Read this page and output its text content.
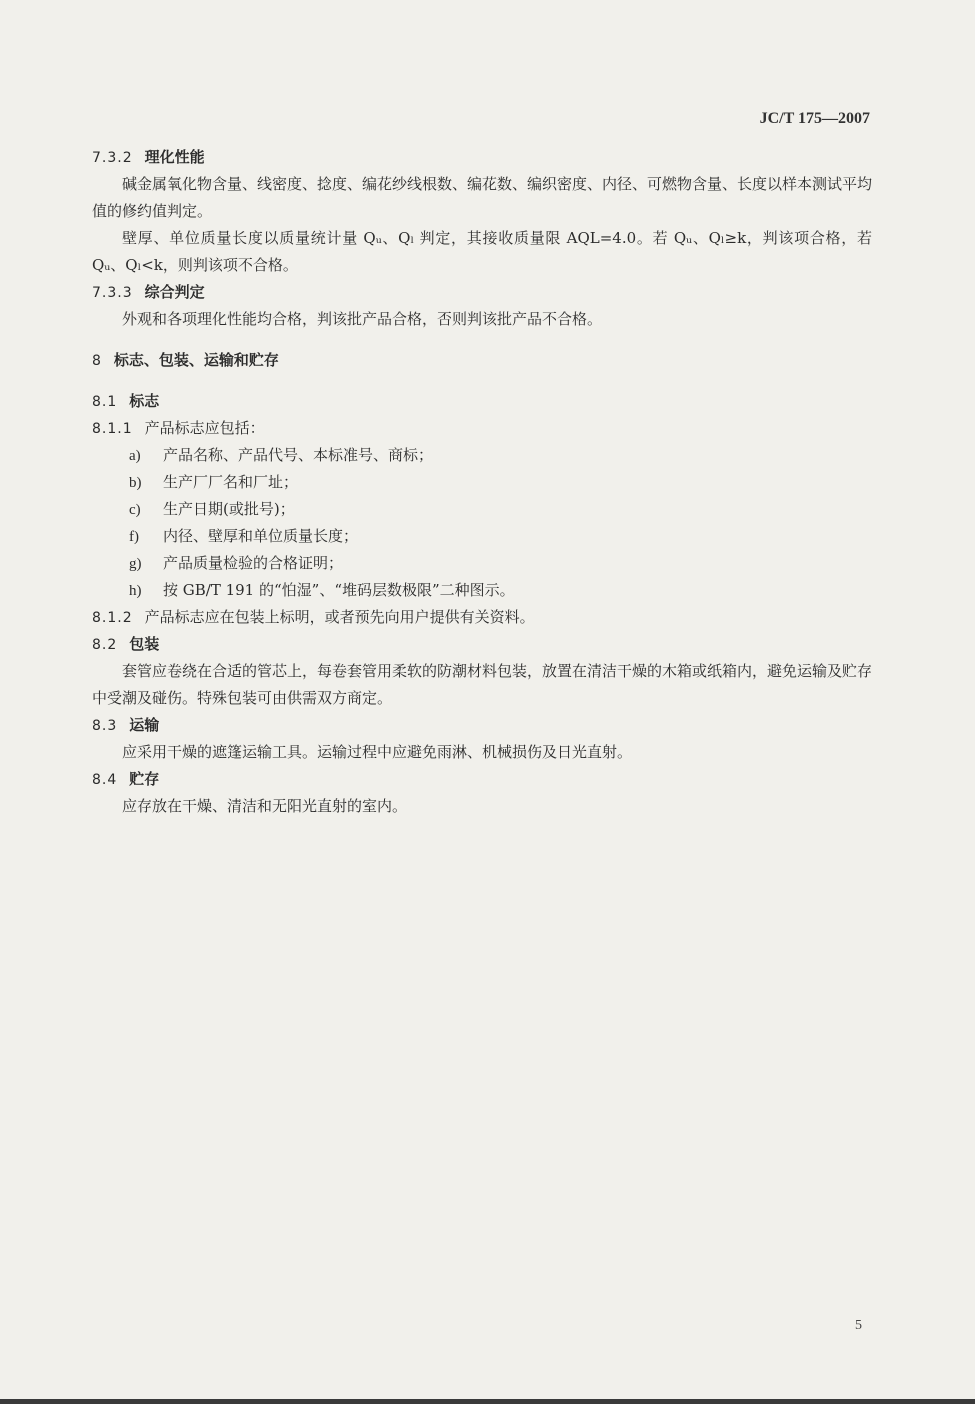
JC/T 175—2007
7.3.2 理化性能
碱金属氧化物含量、线密度、捻度、编花纱线根数、编花数、编织密度、内径、可燃物含量、长度以样本测试平均值的修约值判定。
壁厚、单位质量长度以质量统计量 Qᵤ、Qₗ 判定，其接收质量限 AQL=4.0。若 Qᵤ、Qₗ≥k，判该项合格，若 Qᵤ、Qₗ<k，则判该项不合格。
7.3.3 综合判定
外观和各项理化性能均合格，判该批产品合格，否则判该批产品不合格。
8 标志、包装、运输和贮存
8.1 标志
8.1.1 产品标志应包括：
a) 产品名称、产品代号、本标准号、商标；
b) 生产厂厂名和厂址；
c) 生产日期(或批号)；
f) 内径、壁厚和单位质量长度；
g) 产品质量检验的合格证明；
h) 按 GB/T 191 的“怕湿”、“堆码层数极限”二种图示。
8.1.2 产品标志应在包装上标明，或者预先向用户提供有关资料。
8.2 包装
套管应卷绕在合适的管芯上，每卷套管用柔软的防潮材料包装，放置在清洁干燥的木箱或纸箱内，避免运输及贮存中受潮及碰伤。特殊包装可由供需双方商定。
8.3 运输
应采用干燥的遮篷运输工具。运输过程中应避免雨淋、机械损伤及日光直射。
8.4 贮存
应存放在干燥、清洁和无阳光直射的室内。
5
